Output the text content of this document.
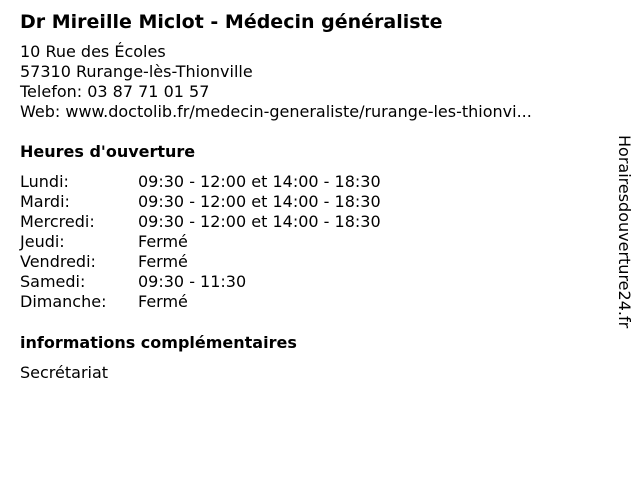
Dr Mireille Miclot - Médecin généraliste
10 Rue des Écoles
57310 Rurange-lès-Thionville
Telefon: 03 87 71 01 57
Web: www.doctolib.fr/medecin-generaliste/rurange-les-thionvi...
Heures d'ouverture
Lundi:	09:30 - 12:00 et 14:00 - 18:30
Mardi:	09:30 - 12:00 et 14:00 - 18:30
Mercredi:	09:30 - 12:00 et 14:00 - 18:30
Jeudi:	Fermé
Vendredi:	Fermé
Samedi:	09:30 - 11:30
Dimanche:	Fermé
informations complémentaires
Secrétariat
Horairesdouverture24.fr
